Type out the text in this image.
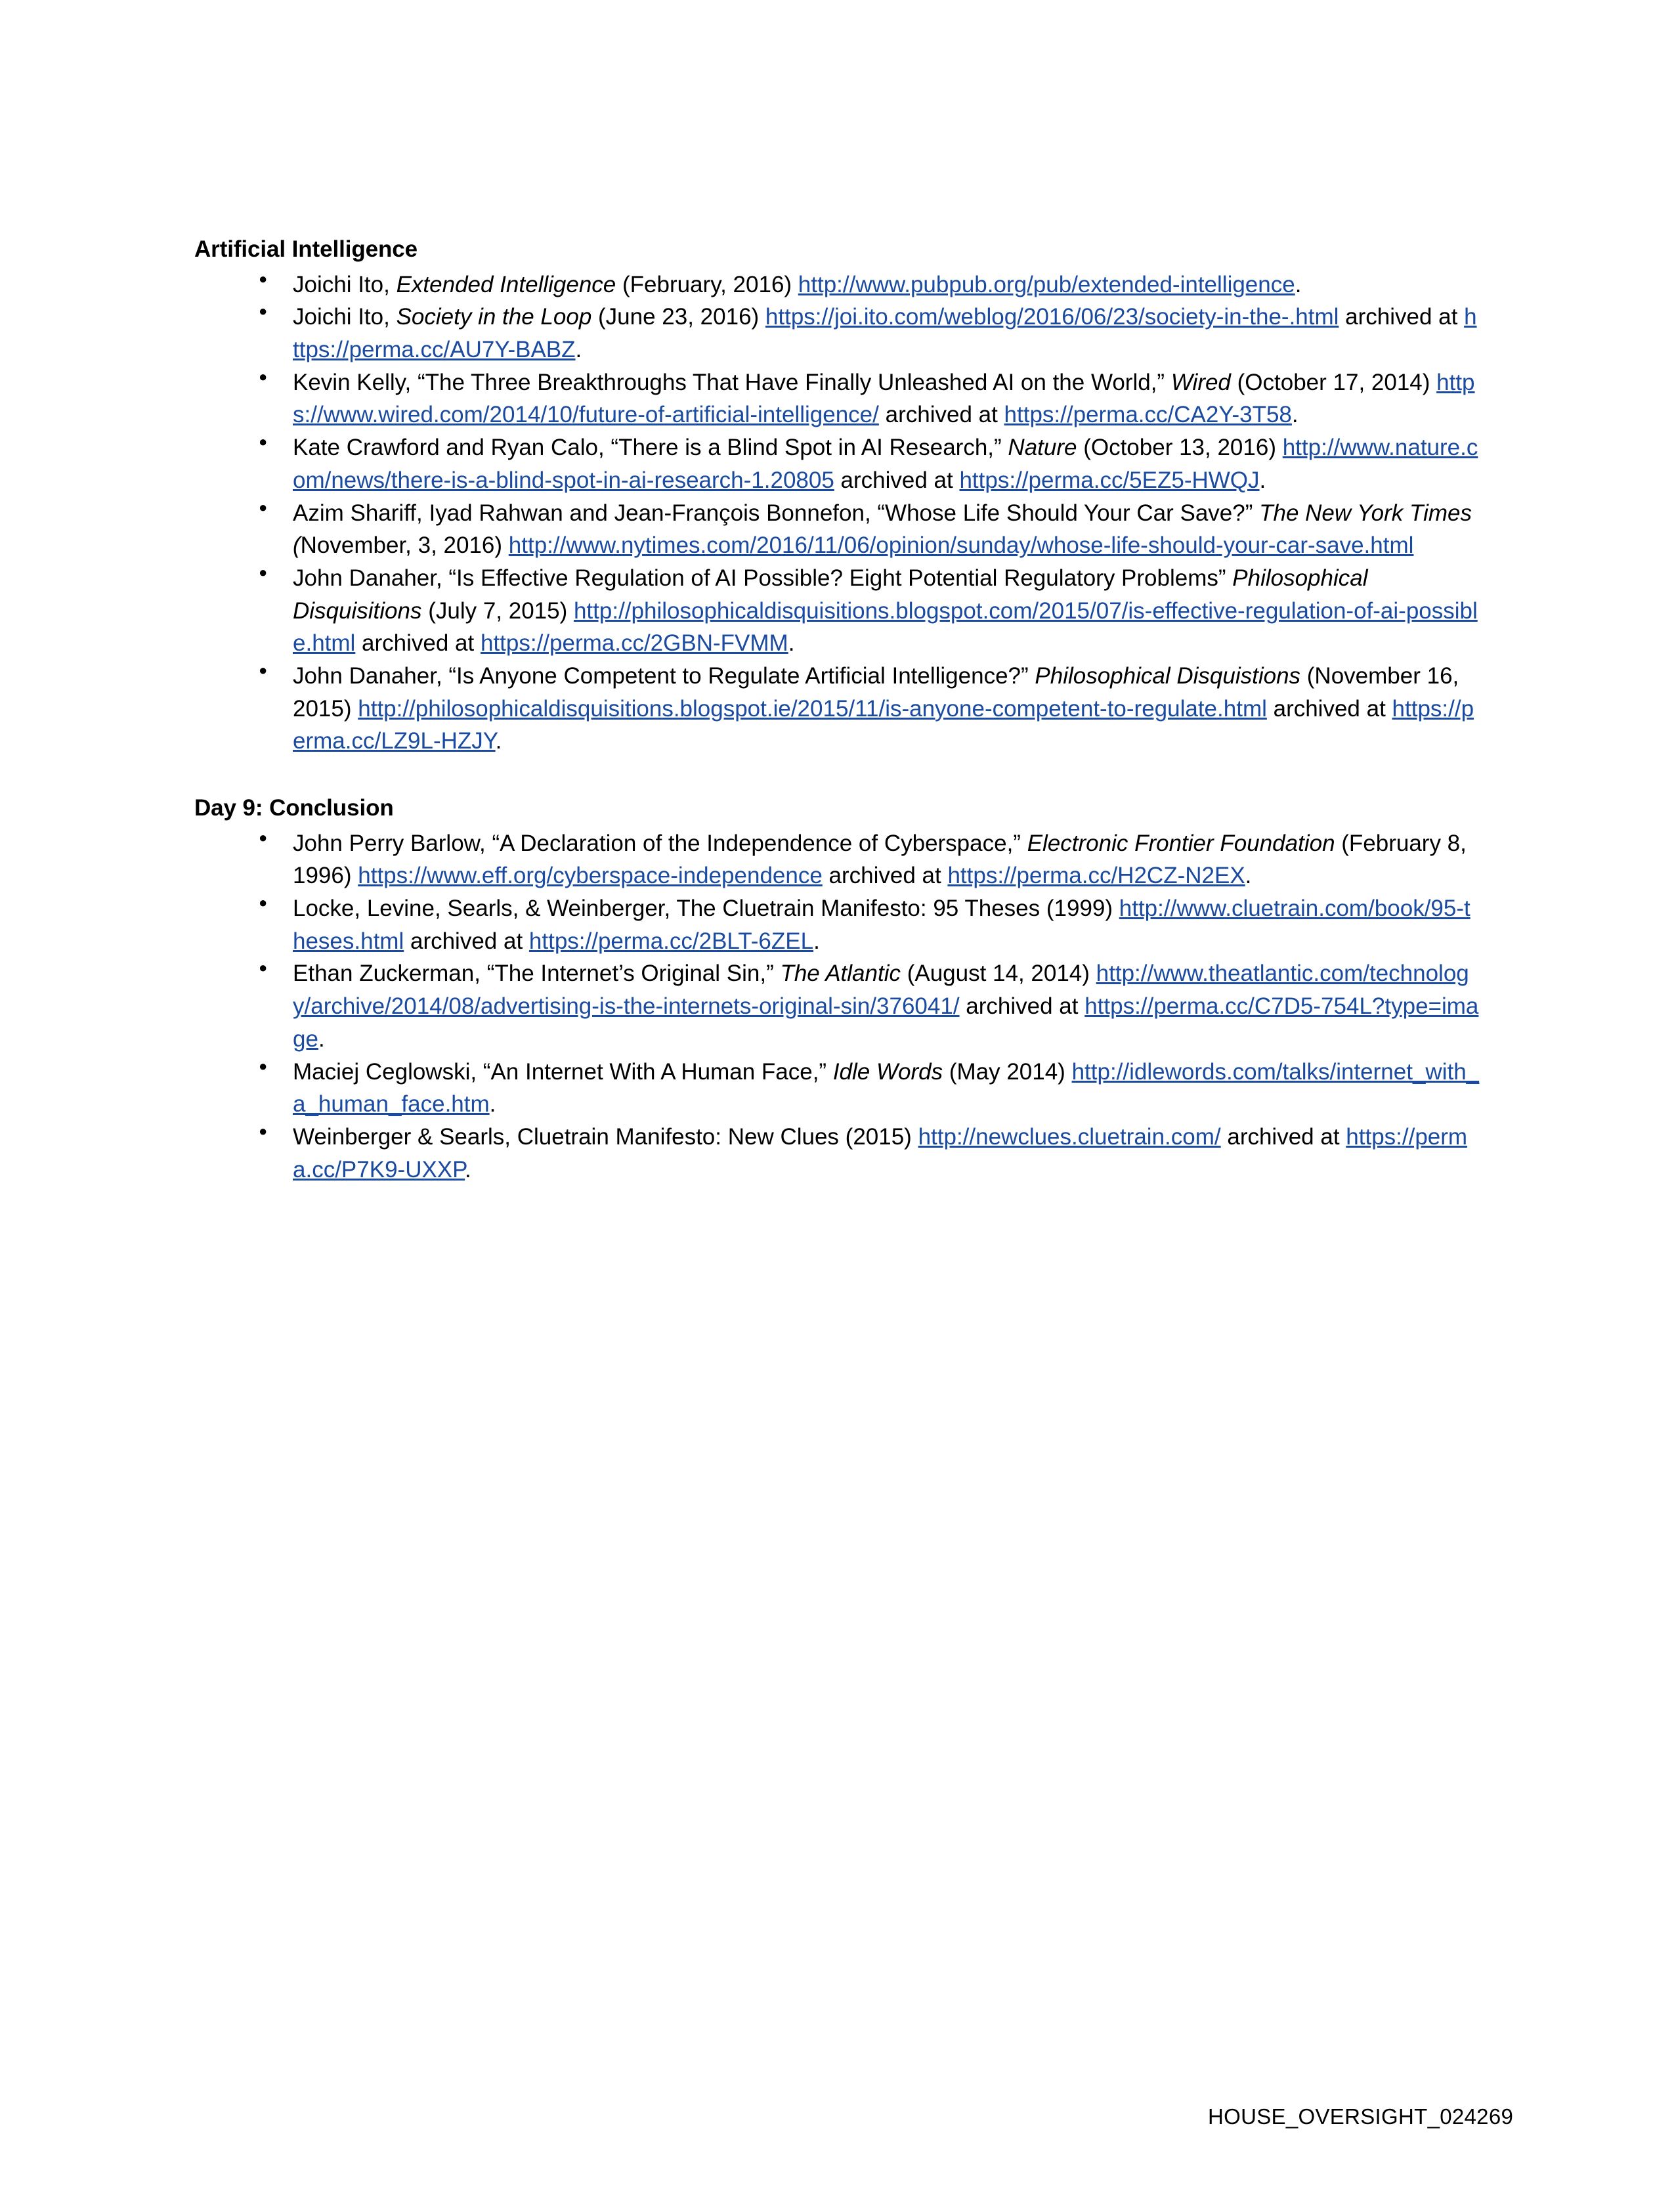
Artificial Intelligence
● Joichi Ito, Extended Intelligence (February, 2016) http://www.pubpub.org/pub/extended-intelligence.
● Joichi Ito, Society in the Loop (June 23, 2016) https://joi.ito.com/weblog/2016/06/23/society-in-the-.html archived at https://perma.cc/AU7Y-BABZ.
● Kevin Kelly, “The Three Breakthroughs That Have Finally Unleashed AI on the World,” Wired (October 17, 2014) https://www.wired.com/2014/10/future-of-artificial-intelligence/ archived at https://perma.cc/CA2Y-3T58.
● Kate Crawford and Ryan Calo, “There is a Blind Spot in AI Research,” Nature (October 13, 2016) http://www.nature.com/news/there-is-a-blind-spot-in-ai-research-1.20805 archived at https://perma.cc/5EZ5-HWQJ.
● Azim Shariff, Iyad Rahwan and Jean-François Bonnefon, “Whose Life Should Your Car Save?” The New York Times (November, 3, 2016) http://www.nytimes.com/2016/11/06/opinion/sunday/whose-life-should-your-car-save.html
● John Danaher, “Is Effective Regulation of AI Possible? Eight Potential Regulatory Problems” Philosophical Disquisitions (July 7, 2015) http://philosophicaldisquisitions.blogspot.com/2015/07/is-effective-regulation-of-ai-possible.html archived at https://perma.cc/2GBN-FVMM.
● John Danaher, “Is Anyone Competent to Regulate Artificial Intelligence?” Philosophical Disquistions (November 16, 2015) http://philosophicaldisquisitions.blogspot.ie/2015/11/is-anyone-competent-to-regulate.html archived at https://perma.cc/LZ9L-HZJY.
Day 9: Conclusion
● John Perry Barlow, “A Declaration of the Independence of Cyberspace,” Electronic Frontier Foundation (February 8, 1996) https://www.eff.org/cyberspace-independence archived at https://perma.cc/H2CZ-N2EX.
● Locke, Levine, Searls, & Weinberger, The Cluetrain Manifesto: 95 Theses (1999) http://www.cluetrain.com/book/95-theses.html archived at https://perma.cc/2BLT-6ZEL.
● Ethan Zuckerman, “The Internet’s Original Sin,” The Atlantic (August 14, 2014) http://www.theatlantic.com/technology/archive/2014/08/advertising-is-the-internets-original-sin/376041/ archived at https://perma.cc/C7D5-754L?type=image.
● Maciej Ceglowski, “An Internet With A Human Face,” Idle Words (May 2014) http://idlewords.com/talks/internet_with_a_human_face.htm.
● Weinberger & Searls, Cluetrain Manifesto: New Clues (2015) http://newclues.cluetrain.com/ archived at https://perma.cc/P7K9-UXXP.
HOUSE_OVERSIGHT_024269
